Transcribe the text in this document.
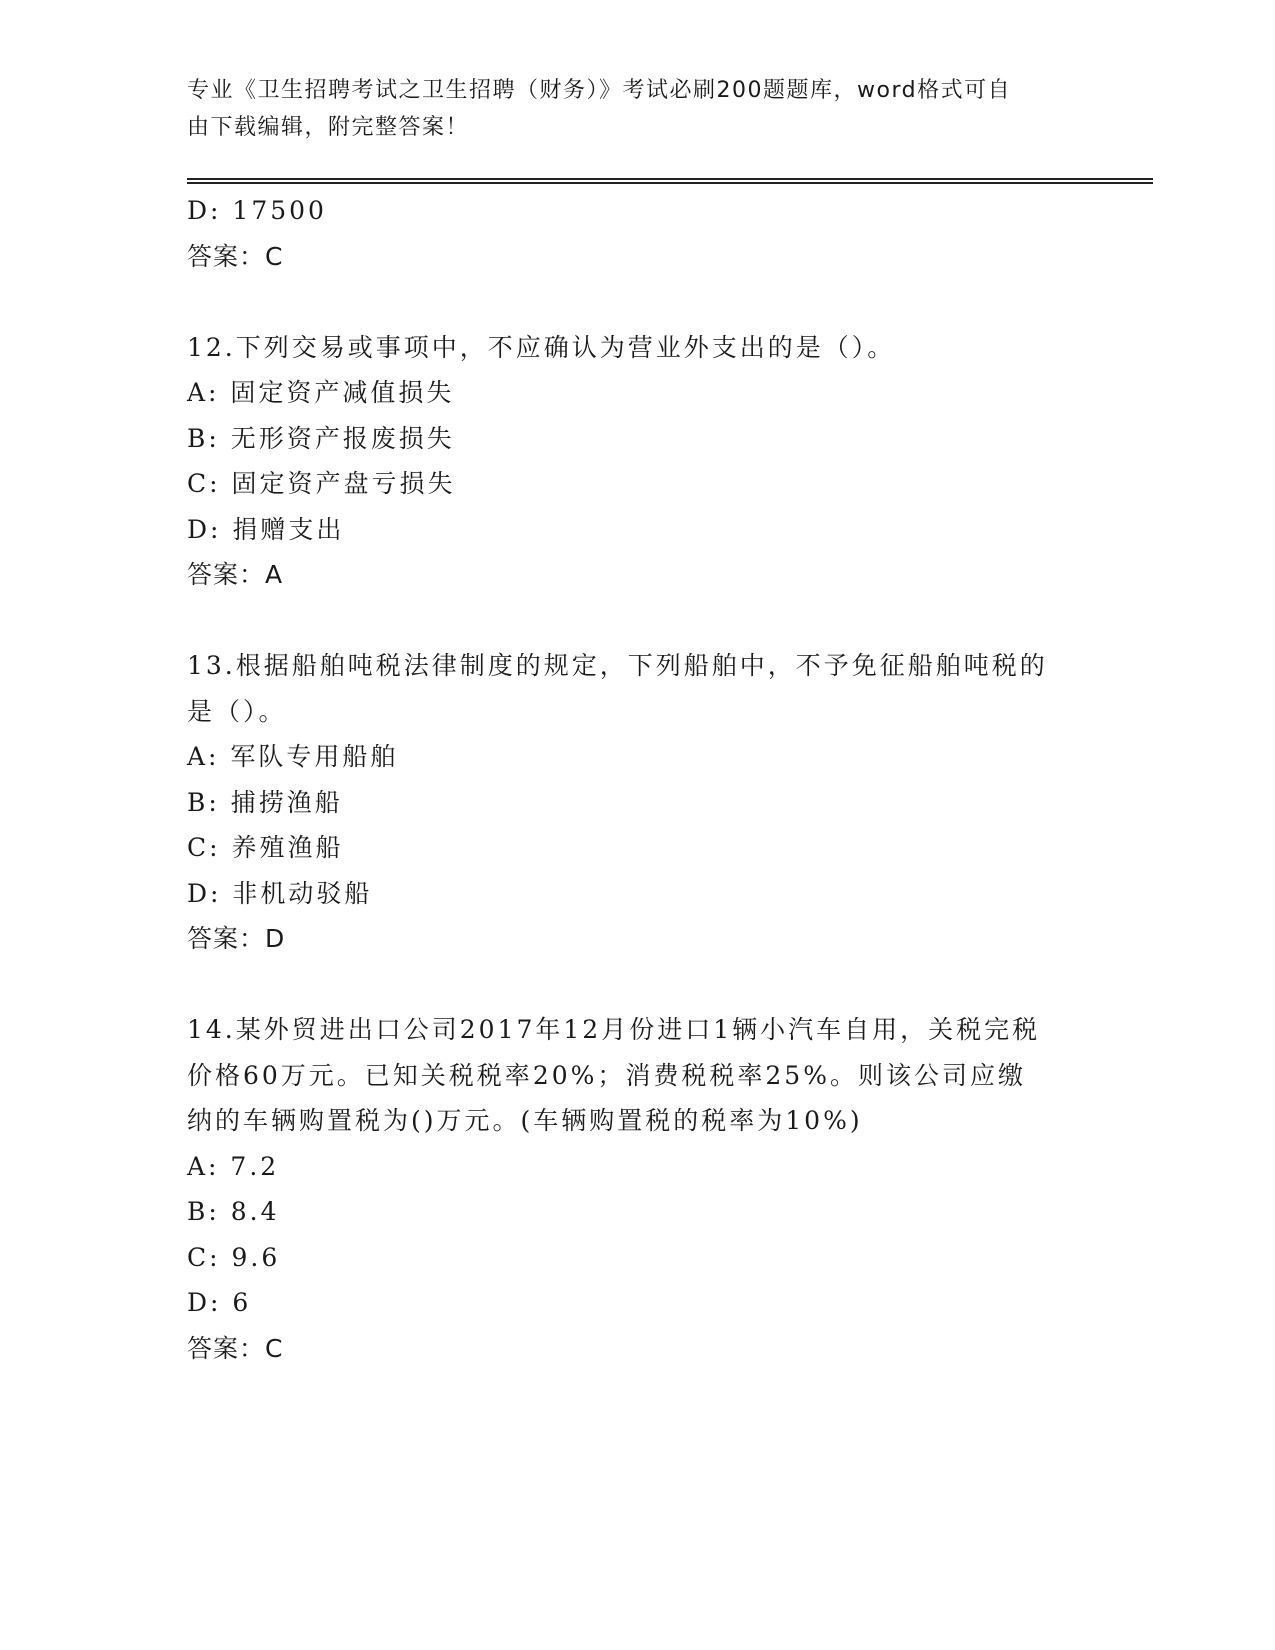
专业《卫生招聘考试之卫生招聘（财务）》考试必刷200题题库，word格式可自
由下载编辑，附完整答案！
D: 17500
答案：C
12.下列交易或事项中，不应确认为营业外支出的是（）。
A: 固定资产减值损失
B: 无形资产报废损失
C: 固定资产盘亏损失
D: 捐赠支出
答案：A
13.根据船舶吨税法律制度的规定，下列船舶中，不予免征船舶吨税的
是（）。
A: 军队专用船舶
B: 捕捞渔船
C: 养殖渔船
D: 非机动驳船
答案：D
14.某外贸进出口公司2017年12月份进口1辆小汽车自用，关税完税
价格60万元。已知关税税率20%；消费税税率25%。则该公司应缴
纳的车辆购置税为()万元。(车辆购置税的税率为10%)
A: 7.2
B: 8.4
C: 9.6
D: 6
答案：C
